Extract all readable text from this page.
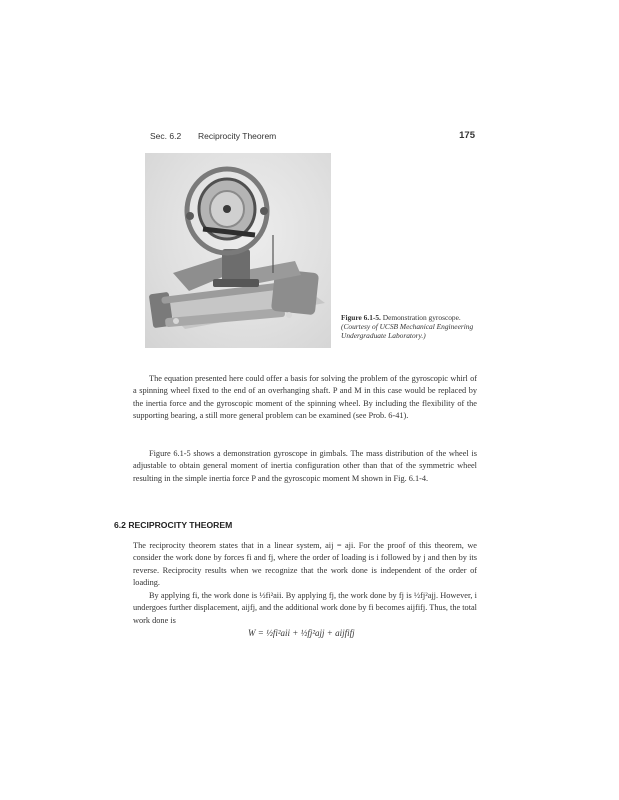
Sec. 6.2 Reciprocity Theorem	175
Figure 6.1-5. Demonstration gyroscope. (Courtesy of UCSB Mechanical Engineering Undergraduate Laboratory.)

The equation presented here could offer a basis for solving the problem of the gyroscopic whirl of a spinning wheel fixed to the end of an overhanging shaft. P and M in this case would be replaced by the inertia force and the gyroscopic moment of the spinning wheel. By including the flexibility of the supporting bearing, a still more general problem can be examined (see Prob. 6-41).

Figure 6.1-5 shows a demonstration gyroscope in gimbals. The mass distribution of the wheel is adjustable to obtain general moment of inertia configuration other than that of the symmetric wheel resulting in the simple inertia force P and the gyroscopic moment M shown in Fig. 6.1-4.

6.2 RECIPROCITY THEOREM

The reciprocity theorem states that in a linear system, aij = aji. For the proof of this theorem, we consider the work done by forces fi and fj, where the order of loading is i followed by j and then by its reverse. Reciprocity results when we recognize that the work done is independent of the order of loading.

By applying fi, the work done is ½fi²aii. By applying fj, the work done by fj is ½fj²ajj. However, i undergoes further displacement, aijfj, and the additional work done by fi becomes aijfifj. Thus, the total work done is

W = ½fi²aii + ½fj²ajj + aijfifj
